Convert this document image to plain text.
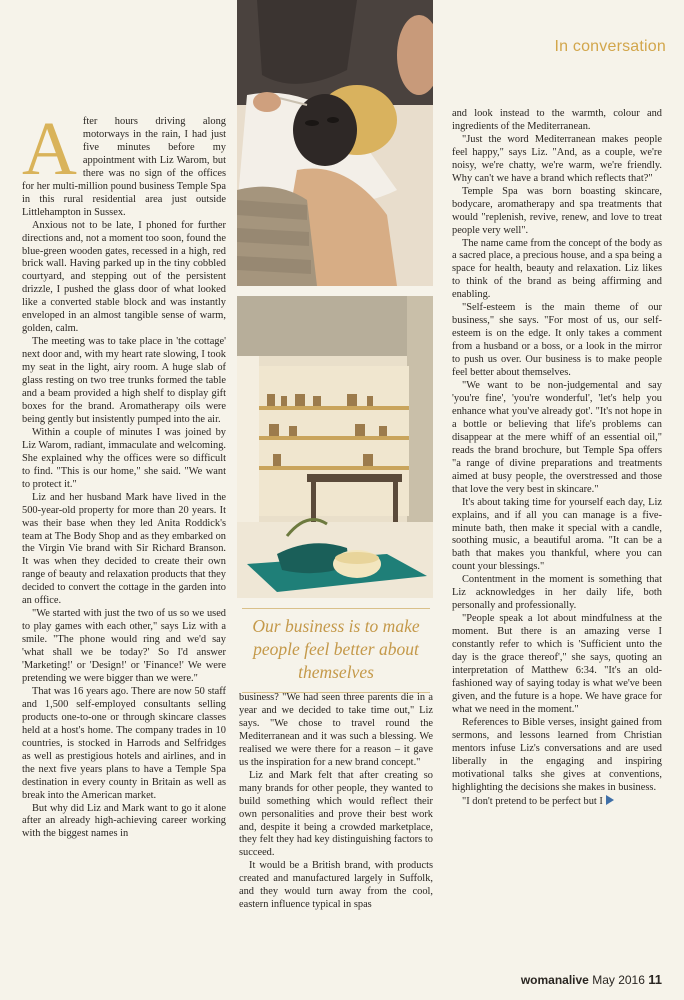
In conversation

After hours driving along motorways in the rain, I had just five minutes before my appointment with Liz Warom, but there was no sign of the offices for her multi-million pound business Temple Spa in this rural residential area just outside Littlehampton in Sussex.

Anxious not to be late, I phoned for further directions and, not a moment too soon, found the blue-green wooden gates, recessed in a high, red brick wall. Having parked up in the tiny cobbled courtyard, and stepping out of the persistent drizzle, I pushed the glass door of what looked like a converted stable block and was instantly enveloped in an almost tangible sense of warm, golden, calm.

The meeting was to take place in 'the cottage' next door and, with my heart rate slowing, I took my seat in the light, airy room. A huge slab of glass resting on two tree trunks formed the table and a beam provided a high shelf to display gift boxes for the brand. Aromatherapy oils were being gently but insistently pumped into the air.

Within a couple of minutes I was joined by Liz Warom, radiant, immaculate and welcoming. She explained why the offices were so difficult to find. "This is our home," she said. "We want to protect it."

Liz and her husband Mark have lived in the 500-year-old property for more than 20 years. It was their base when they led Anita Roddick's team at The Body Shop and as they embarked on the Virgin Vie brand with Sir Richard Branson. It was when they decided to create their own range of beauty and relaxation products that they decided to convert the cottage in the garden into an office.

"We started with just the two of us so we used to play games with each other," says Liz with a smile. "The phone would ring and we'd say 'what shall we be today?' So I'd answer 'Marketing!' or 'Design!' or 'Finance!' We were pretending we were bigger than we were."

That was 16 years ago. There are now 50 staff and 1,500 self-employed consultants selling products one-to-one or through skincare classes held at a host's home. The company trades in 10 countries, is stocked in Harrods and Selfridges as well as prestigious hotels and airlines, and in the next five years plans to have a Temple Spa destination in every county in Britain as well as break into the American market.

But why did Liz and Mark want to go it alone after an already high-achieving career working with the biggest names in

Our business is to make people feel better about themselves

business? "We had seen three parents die in a year and we decided to take time out," Liz says. "We chose to travel round the Mediterranean and it was such a blessing. We realised we were there for a reason – it gave us the inspiration for a new brand concept."

Liz and Mark felt that after creating so many brands for other people, they wanted to build something which would reflect their own personalities and prove their best work and, despite it being a crowded marketplace, they felt they had key distinguishing factors to succeed.

It would be a British brand, with products created and manufactured largely in Suffolk, and they would turn away from the cool, eastern influence typical in spas

and look instead to the warmth, colour and ingredients of the Mediterranean.

"Just the word Mediterranean makes people feel happy," says Liz. "And, as a couple, we're noisy, we're chatty, we're warm, we're friendly. Why can't we have a brand which reflects that?"

Temple Spa was born boasting skincare, bodycare, aromatherapy and spa treatments that would "replenish, revive, renew, and love to treat people very well".

The name came from the concept of the body as a sacred place, a precious house, and a spa being a space for health, beauty and relaxation. Liz likes to think of the brand as being affirming and enabling.

"Self-esteem is the main theme of our business," she says. "For most of us, our self-esteem is on the edge. It only takes a comment from a husband or a boss, or a look in the mirror to push us over. Our business is to make people feel better about themselves.

"We want to be non-judgemental and say 'you're fine', 'you're wonderful', 'let's help you enhance what you've already got'. "It's not hope in a bottle or believing that life's problems can disappear at the mere whiff of an essential oil," reads the brand brochure, but Temple Spa offers "a range of divine preparations and treatments aimed at busy people, the overstressed and those that love the very best in skincare."

It's about taking time for yourself each day, Liz explains, and if all you can manage is a five-minute bath, then make it special with a candle, soothing music, a beautiful aroma. "It can be a bath that makes you thankful, where you can count your blessings."

Contentment in the moment is something that Liz acknowledges in her daily life, both personally and professionally.

"People speak a lot about mindfulness at the moment. But there is an amazing verse I constantly refer to which is 'Sufficient unto the day is the grace thereof'," she says, quoting an interpretation of Matthew 6:34. "It's an old-fashioned way of saying today is what we've been given, and the future is a hope. We have grace for what we need in the moment."

References to Bible verses, insight gained from sermons, and lessons learned from Christian mentors infuse Liz's conversations and are used liberally in the engaging and inspiring motivational talks she gives at conventions, highlighting the decisions she makes in business.

"I don't pretend to be perfect but I

womanalive May 2016 11
